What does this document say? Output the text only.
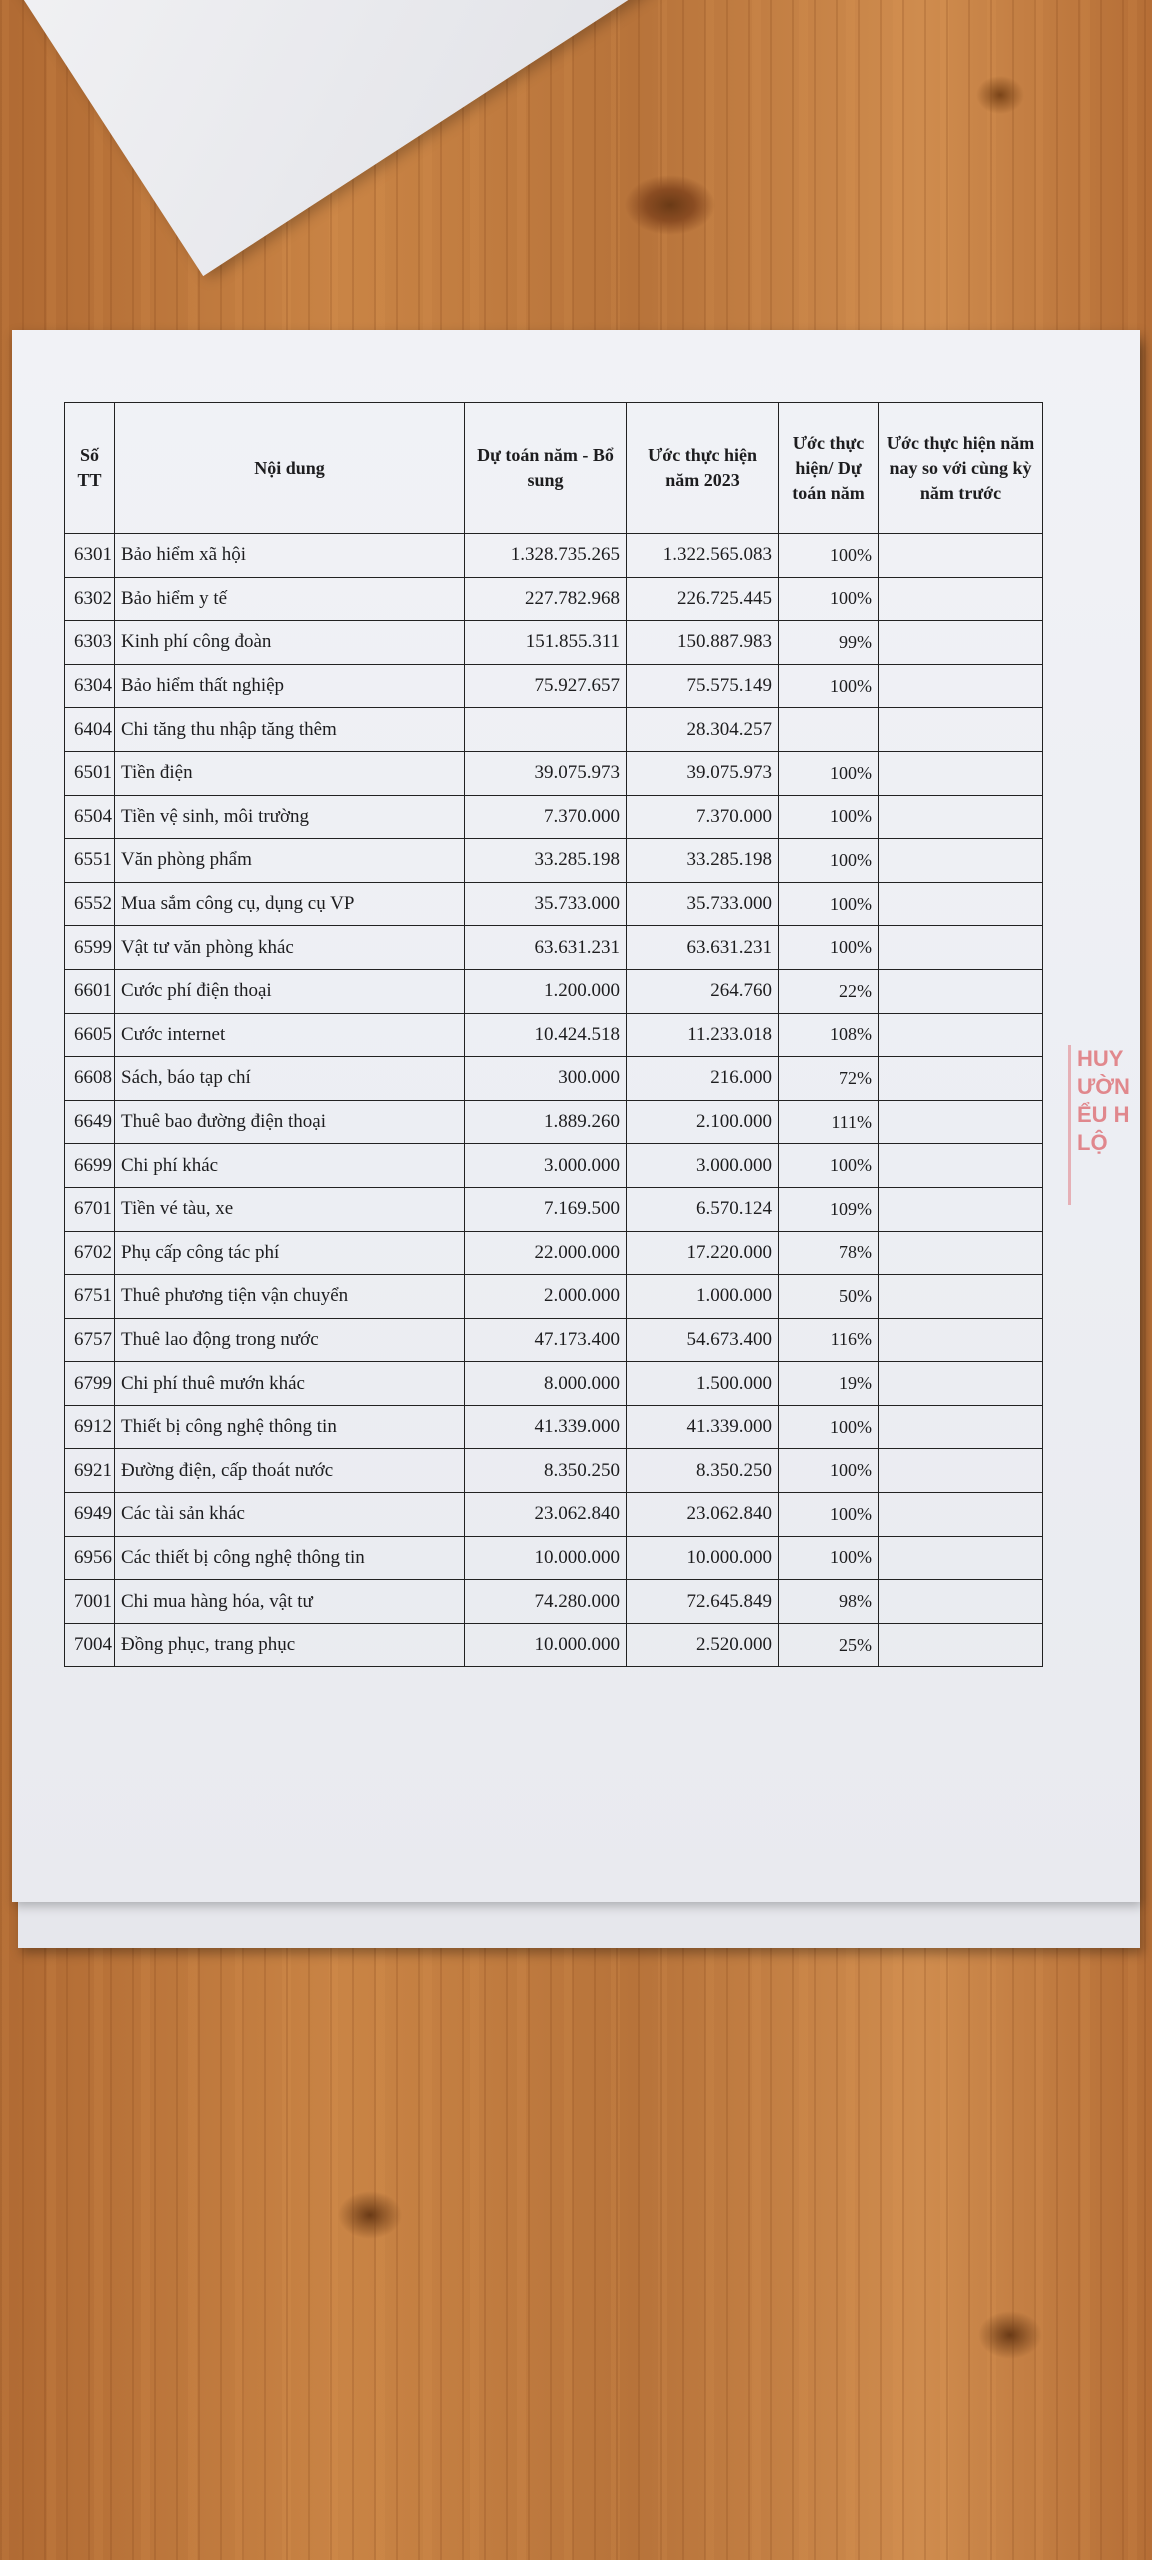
HUY
ƯỜN
ỂU H
LỘ
Số TT	Nội dung	Dự toán năm - Bổ sung	Ước thực hiện năm 2023	Ước thực hiện/ Dự toán năm	Ước thực hiện năm nay so với cùng kỳ năm trước
6301	Bảo hiểm xã hội	1.328.735.265	1.322.565.083	100%	
6302	Bảo hiểm y tế	227.782.968	226.725.445	100%	
6303	Kinh phí công đoàn	151.855.311	150.887.983	99%	
6304	Bảo hiểm thất nghiệp	75.927.657	75.575.149	100%	
6404	Chi tăng thu nhập tăng thêm		28.304.257		
6501	Tiền điện	39.075.973	39.075.973	100%	
6504	Tiền vệ sinh, môi trường	7.370.000	7.370.000	100%	
6551	Văn phòng phẩm	33.285.198	33.285.198	100%	
6552	Mua sắm công cụ, dụng cụ VP	35.733.000	35.733.000	100%	
6599	Vật tư văn phòng khác	63.631.231	63.631.231	100%	
6601	Cước phí điện thoại	1.200.000	264.760	22%	
6605	Cước internet	10.424.518	11.233.018	108%	
6608	Sách, báo tạp chí	300.000	216.000	72%	
6649	Thuê bao đường điện thoại	1.889.260	2.100.000	111%	
6699	Chi phí khác	3.000.000	3.000.000	100%	
6701	Tiền vé tàu, xe	7.169.500	6.570.124	109%	
6702	Phụ cấp công tác phí	22.000.000	17.220.000	78%	
6751	Thuê phương tiện vận chuyển	2.000.000	1.000.000	50%	
6757	Thuê lao động trong nước	47.173.400	54.673.400	116%	
6799	Chi phí thuê mướn khác	8.000.000	1.500.000	19%	
6912	Thiết bị công nghệ thông tin	41.339.000	41.339.000	100%	
6921	Đường điện, cấp thoát nước	8.350.250	8.350.250	100%	
6949	Các tài sản khác	23.062.840	23.062.840	100%	
6956	Các thiết bị công nghệ thông tin	10.000.000	10.000.000	100%	
7001	Chi mua hàng hóa, vật tư	74.280.000	72.645.849	98%	
7004	Đồng phục, trang phục	10.000.000	2.520.000	25%	
